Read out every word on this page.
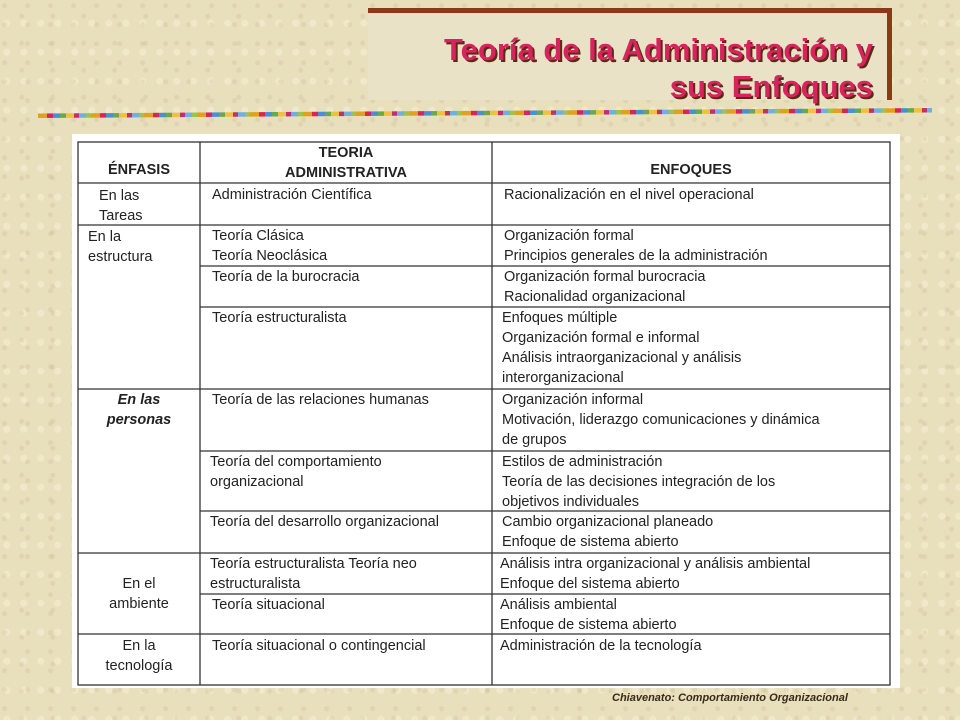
Teoría de la Administración y
sus Enfoques
ÉNFASIS
TEORIA
ADMINISTRATIVA	ENFOQUES
En las
Tareas
En la
estructura
En las
personas
En el
ambiente
En la
tecnología
Administración Científica
Teoría Clásica
Teoría Neoclásica
Teoría de la burocracia
Teoría estructuralista
Teoría de las relaciones humanas
Teoría del comportamiento
organizacional
Teoría del desarrollo organizacional
Teoría estructuralista Teoría neo
estructuralista
Teoría situacional
Teoría situacional o contingencial
Racionalización en el nivel operacional
Organización formal
Principios generales de la administración
Organización formal burocracia
Racionalidad organizacional
Enfoques múltiple
Organización formal e informal
Análisis intraorganizacional y análisis
interorganizacional
Organización informal
Motivación, liderazgo comunicaciones y dinámica
de grupos
Estilos de administración
Teoría de las decisiones integración de los
objetivos individuales
Cambio organizacional planeado
Enfoque de sistema abierto
Análisis intra organizacional y análisis ambiental
Enfoque del sistema abierto
Análisis ambiental
Enfoque de sistema abierto
Administración de la tecnología
Chiavenato: Comportamiento Organizacional
